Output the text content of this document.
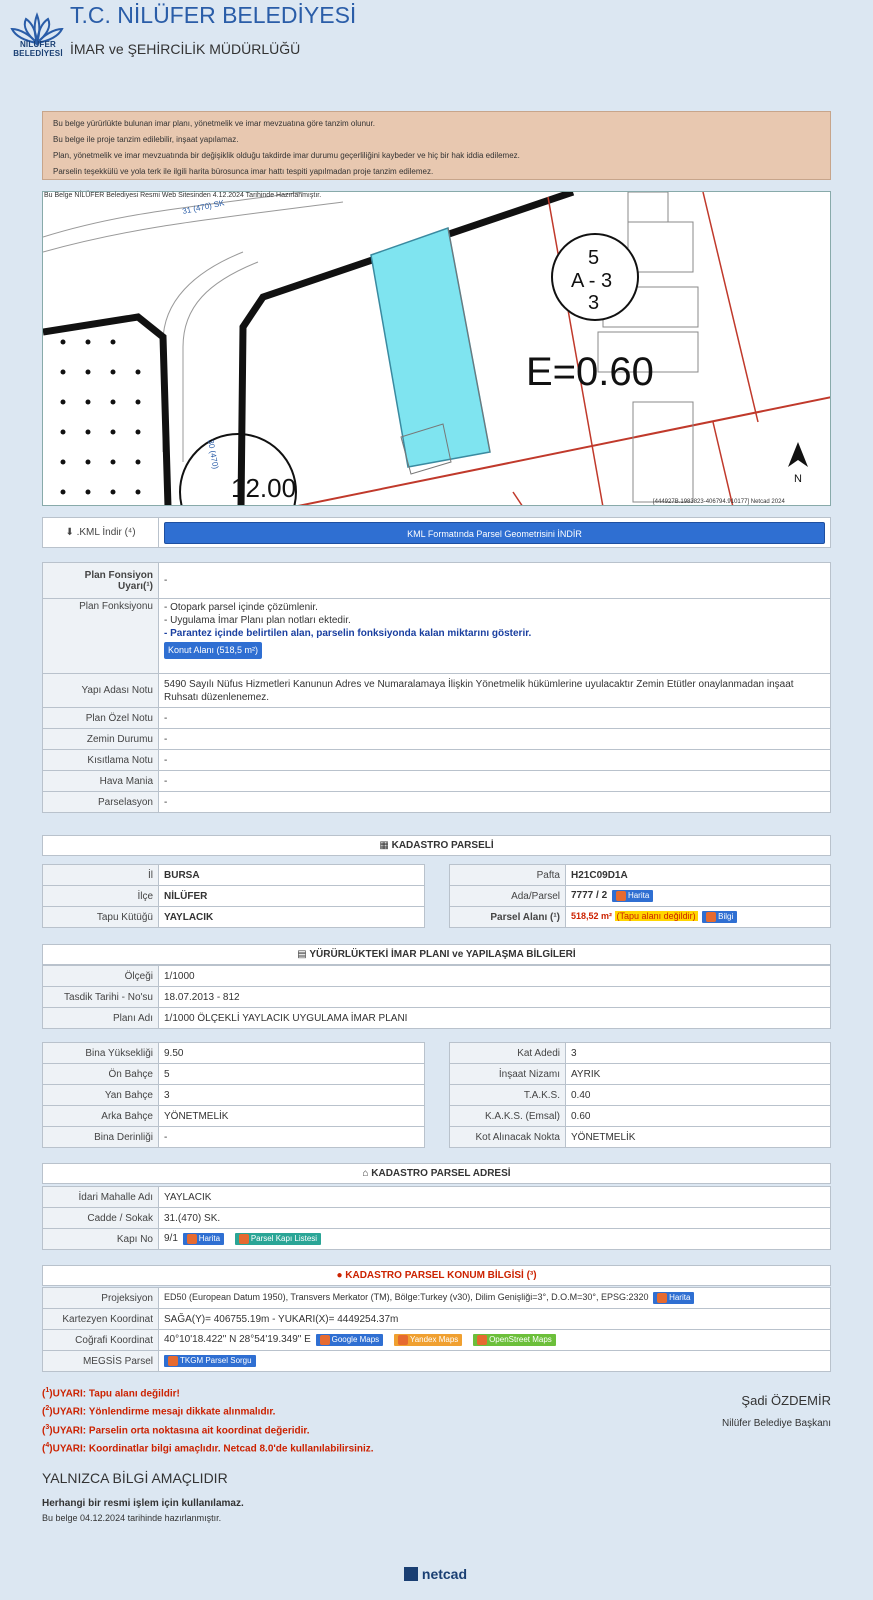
NİLÜFER BELEDİYESİ
T.C. NİLÜFER BELEDİYESİ
İMAR ve ŞEHİRCİLİK MÜDÜRLÜĞÜ
Bu belge yürürlükte bulunan imar planı, yönetmelik ve imar mevzuatına göre tanzim olunur.
Bu belge ile proje tanzim edilebilir, inşaat yapılamaz.
Plan, yönetmelik ve imar mevzuatında bir değişiklik olduğu takdirde imar durumu geçerliliğini kaybeder ve hiç bir hak iddia edilemez.
Parselin teşekkülü ve yola terk ile ilgili harita bürosunca imar hattı tespiti yapılmadan proje tanzim edilemez.
12.00
5
A - 3
3
E=0.60
31 (470) SK
30 (470)
N
[444927B.1983823-406794.910177] Netcad 2024
Bu Belge NİLÜFER Belediyesi Resmi Web Sitesinden 4.12.2024 Tarihinde Hazırlanmıştır.
⬇ .KML İndir (⁴)	KML Formatında Parsel Geometrisini İNDİR
Plan Fonsiyon Uyarı(¹)	-
Plan Fonksiyonu	- Otopark parsel içinde çözümlenir.
- Uygulama İmar Planı plan notları ektedir.
- Parantez içinde belirtilen alan, parselin fonksiyonda kalan miktarını gösterir.
Konut Alanı (518,5 m²)

Yapı Adası Notu	5490 Sayılı Nüfus Hizmetleri Kanunun Adres ve Numaralamaya İlişkin Yönetmelik hükümlerine uyulacaktır Zemin Etütler onaylanmadan inşaat Ruhsatı düzenlenemez.
Plan Özel Notu	-
Zemin Durumu	-
Kısıtlama Notu	-
Hava Mania	-
Parselasyon	-
▦ KADASTRO PARSELİ
İl	BURSA
İlçe	NİLÜFER
Tapu Kütüğü	YAYLACIK
Pafta	H21C09D1A
Ada/Parsel	7777 / 2 Harita
Parsel Alanı (¹)	518,52 m² (Tapu alanı değildir) Bilgi
▤ YÜRÜRLÜKTEKİ İMAR PLANI ve YAPILAŞMA BİLGİLERİ
Ölçeği	1/1000
Tasdik Tarihi - No'su	18.07.2013 - 812
Planı Adı	1/1000 ÖLÇEKLİ YAYLACIK UYGULAMA İMAR PLANI
Bina Yüksekliği	9.50
Ön Bahçe	5
Yan Bahçe	3
Arka Bahçe	YÖNETMELİK
Bina Derinliği	-
Kat Adedi	3
İnşaat Nizamı	AYRIK
T.A.K.S.	0.40
K.A.K.S. (Emsal)	0.60
Kot Alınacak Nokta	YÖNETMELİK
⌂ KADASTRO PARSEL ADRESİ
İdari Mahalle Adı	YAYLACIK
Cadde / Sokak	31.(470) SK.
Kapı No	9/1 Harita Parsel Kapı Listesi
● KADASTRO PARSEL KONUM BİLGİSİ (³)
Projeksiyon	ED50 (European Datum 1950), Transvers Merkator (TM), Bölge:Turkey (v30), Dilim Genişliği=3°, D.O.M=30°, EPSG:2320 Harita
Kartezyen Koordinat	SAĞA(Y)= 406755.19m - YUKARI(X)= 4449254.37m
Coğrafi Koordinat	40°10'18.422" N 28°54'19.349" E Google Maps Yandex Maps OpenStreet Maps
MEGSİS Parsel	TKGM Parsel Sorgu
($^1$)UYARI: Tapu alanı değildir!
($^2$)UYARI: Yönlendirme mesajı dikkate alınmalıdır.
($^3$)UYARI: Parselin orta noktasına ait koordinat değeridir.
($^4$)UYARI: Koordinatlar bilgi amaçlıdır. Netcad 8.0'de kullanılabilirsiniz.
Şadi ÖZDEMİR
Nilüfer Belediye Başkanı
YALNIZCA BİLGİ AMAÇLIDIR
Herhangi bir resmi işlem için kullanılamaz.
Bu belge 04.12.2024 tarihinde hazırlanmıştır.
netcad
